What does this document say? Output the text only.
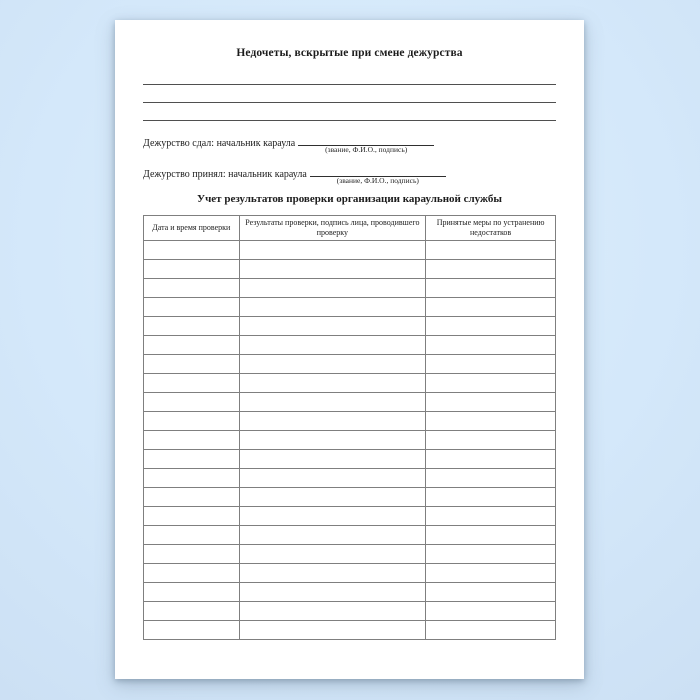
Недочеты, вскрытые при смене дежурства
Дежурство сдал: начальник караула
(звание, Ф.И.О., подпись)
Дежурство принял: начальник караула
(звание, Ф.И.О., подпись)
Учет результатов проверки организации караульной службы
Дата и время проверки	Результаты проверки, подпись лица, проводившего проверку	Принятые меры по устранению недостатков
